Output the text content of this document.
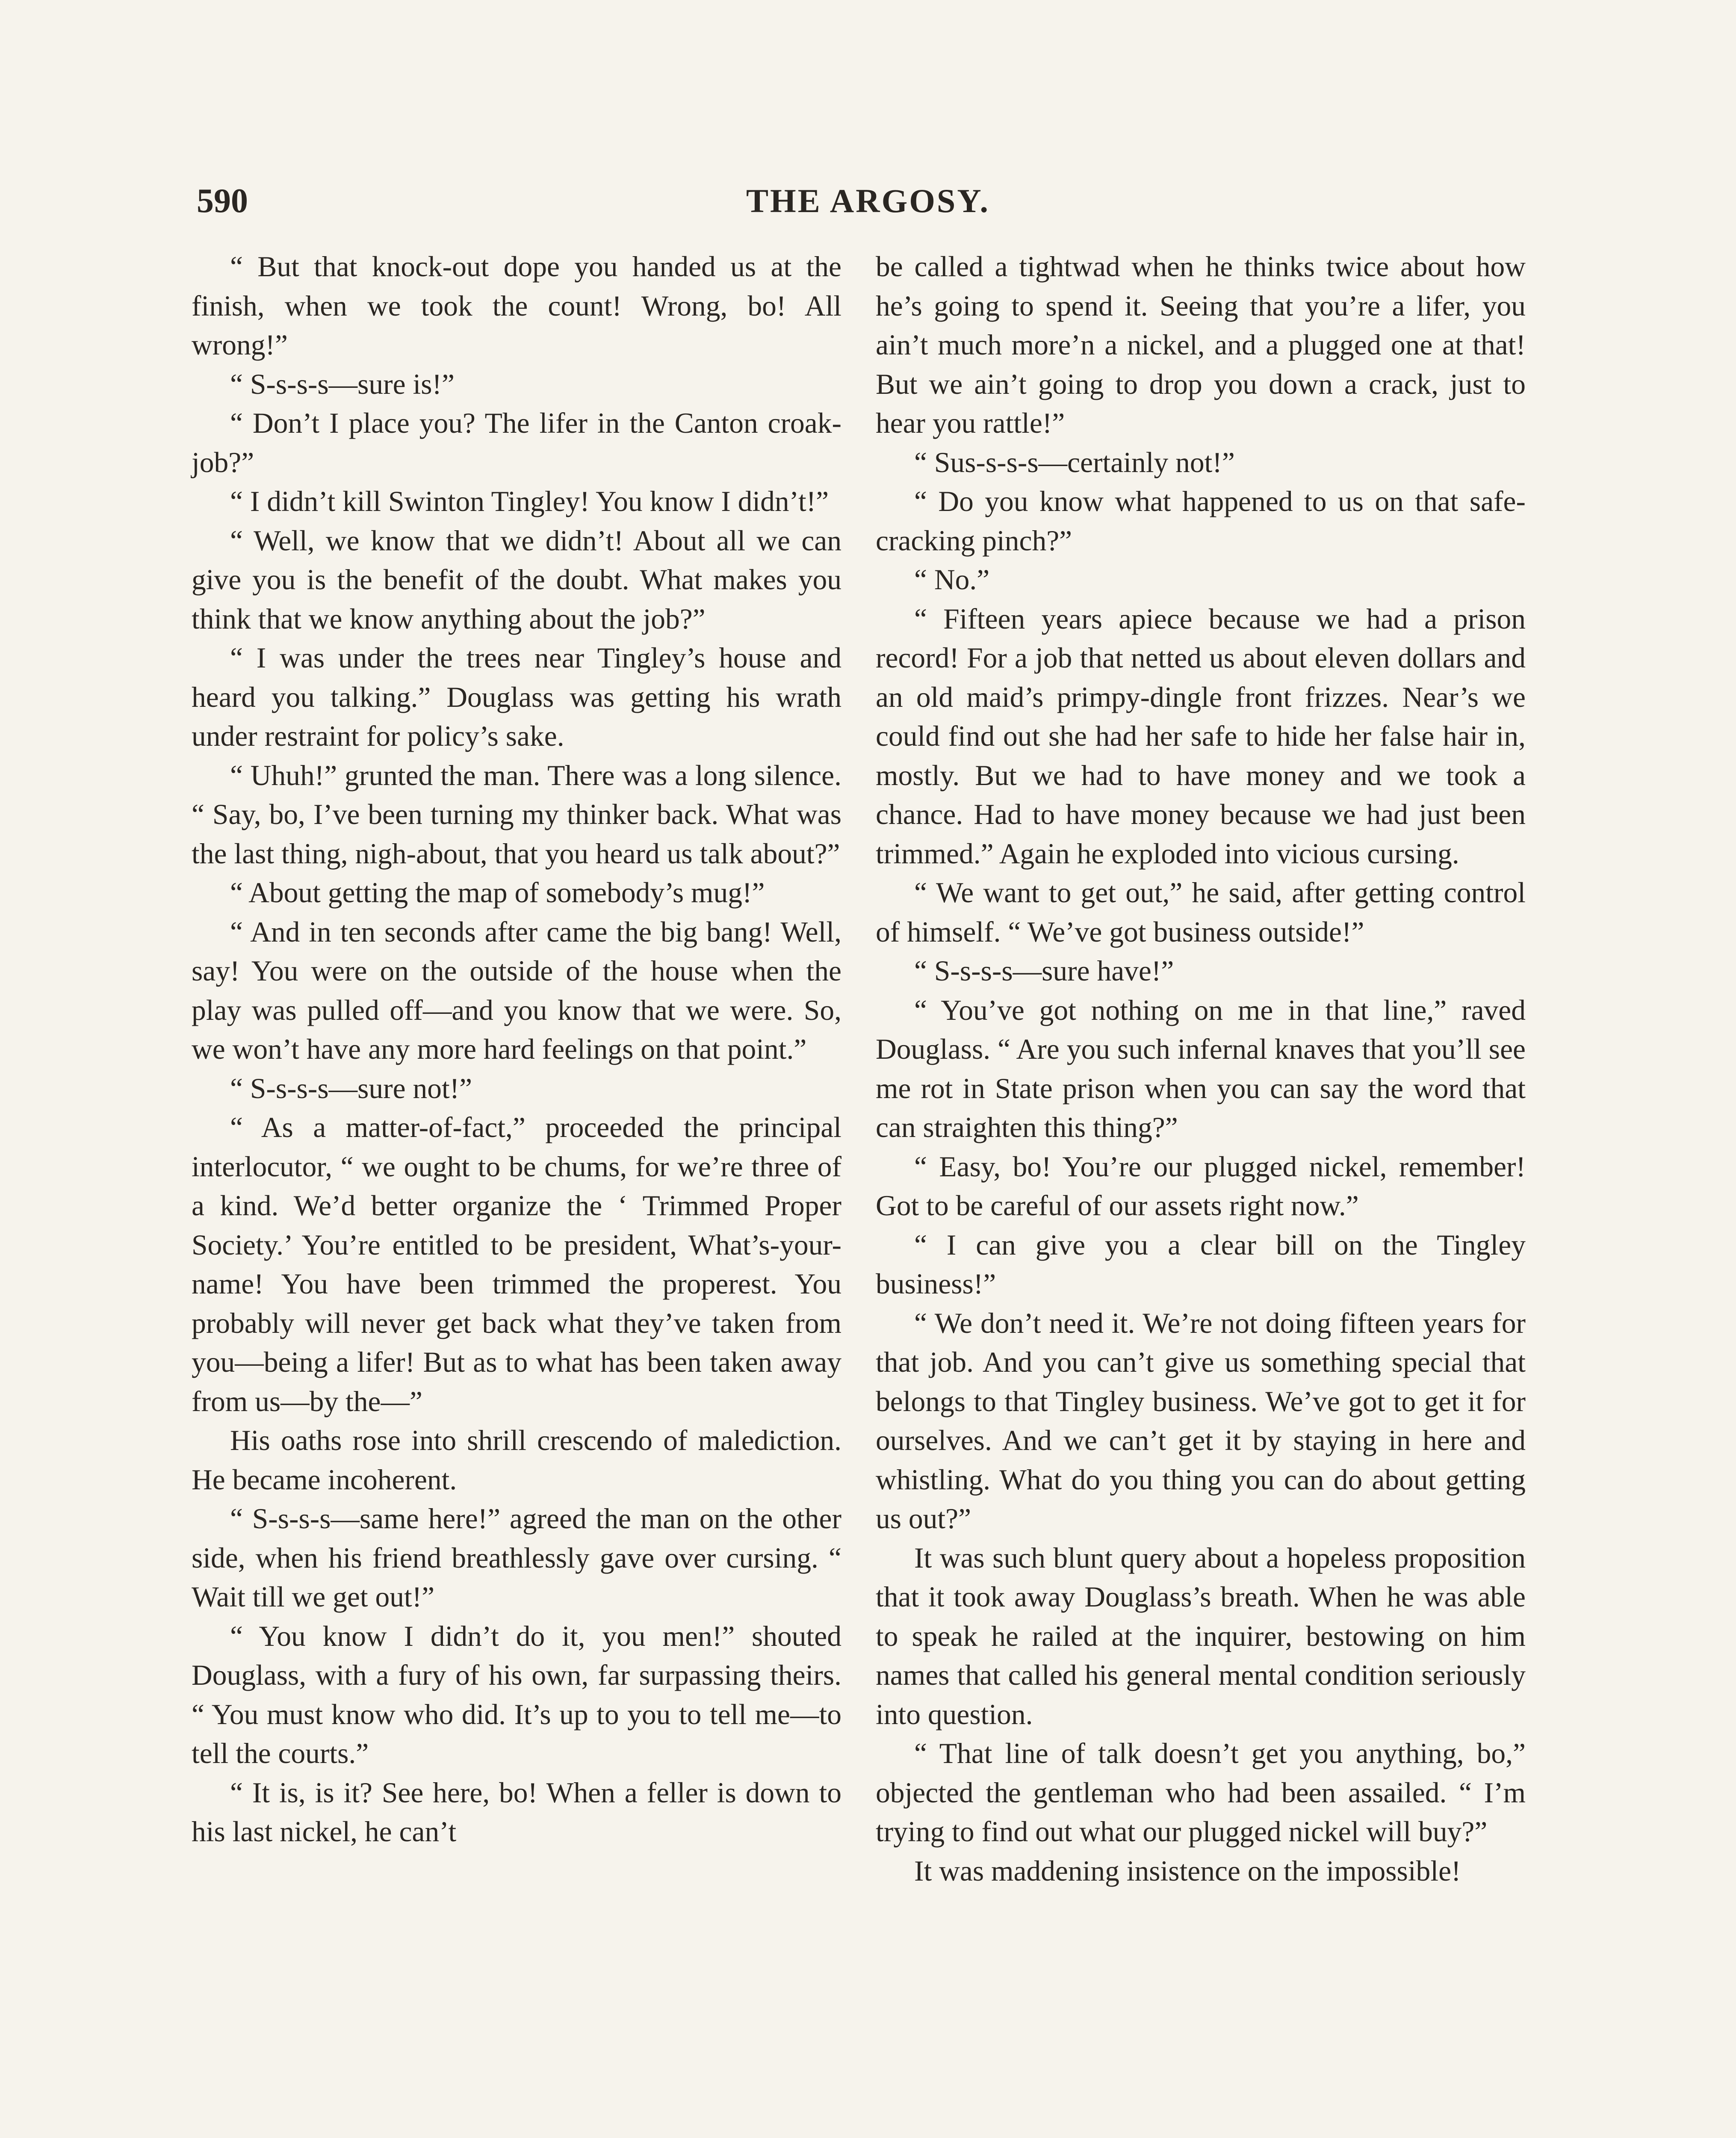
590	THE ARGOSY.

“ But that knock-out dope you handed us at the finish, when we took the count! Wrong, bo! All wrong!”

“ S-s-s-s—sure is!”

“ Don’t I place you? The lifer in the Canton croak-job?”

“ I didn’t kill Swinton Tingley! You know I didn’t!”

“ Well, we know that we didn’t! About all we can give you is the benefit of the doubt. What makes you think that we know anything about the job?”

“ I was under the trees near Tingley’s house and heard you talking.” Douglass was getting his wrath under restraint for policy’s sake.

“ Uhuh!” grunted the man. There was a long silence. “ Say, bo, I’ve been turning my thinker back. What was the last thing, nigh-about, that you heard us talk about?”

“ About getting the map of somebody’s mug!”

“ And in ten seconds after came the big bang! Well, say! You were on the outside of the house when the play was pulled off—and you know that we were. So, we won’t have any more hard feelings on that point.”

“ S-s-s-s—sure not!”

“ As a matter-of-fact,” proceeded the principal interlocutor, “ we ought to be chums, for we’re three of a kind. We’d better organize the ‘ Trimmed Proper Society.’ You’re entitled to be president, What’s-your-name! You have been trimmed the properest. You probably will never get back what they’ve taken from you—being a lifer! But as to what has been taken away from us—by the—”

His oaths rose into shrill crescendo of malediction. He became incoherent.

“ S-s-s-s—same here!” agreed the man on the other side, when his friend breathlessly gave over cursing. “ Wait till we get out!”

“ You know I didn’t do it, you men!” shouted Douglass, with a fury of his own, far surpassing theirs. “ You must know who did. It’s up to you to tell me—to tell the courts.”

“ It is, is it? See here, bo! When a feller is down to his last nickel, he can’t

be called a tightwad when he thinks twice about how he’s going to spend it. Seeing that you’re a lifer, you ain’t much more’n a nickel, and a plugged one at that! But we ain’t going to drop you down a crack, just to hear you rattle!”

“ Sus-s-s-s—certainly not!”

“ Do you know what happened to us on that safe-cracking pinch?”

“ No.”

“ Fifteen years apiece because we had a prison record! For a job that netted us about eleven dollars and an old maid’s primpy-dingle front frizzes. Near’s we could find out she had her safe to hide her false hair in, mostly. But we had to have money and we took a chance. Had to have money because we had just been trimmed.” Again he exploded into vicious cursing.

“ We want to get out,” he said, after getting control of himself. “ We’ve got business outside!”

“ S-s-s-s—sure have!”

“ You’ve got nothing on me in that line,” raved Douglass. “ Are you such infernal knaves that you’ll see me rot in State prison when you can say the word that can straighten this thing?”

“ Easy, bo! You’re our plugged nickel, remember! Got to be careful of our assets right now.”

“ I can give you a clear bill on the Tingley business!”

“ We don’t need it. We’re not doing fifteen years for that job. And you can’t give us something special that belongs to that Tingley business. We’ve got to get it for ourselves. And we can’t get it by staying in here and whistling. What do you thing you can do about getting us out?”

It was such blunt query about a hopeless proposition that it took away Douglass’s breath. When he was able to speak he railed at the inquirer, bestowing on him names that called his general mental condition seriously into question.

“ That line of talk doesn’t get you anything, bo,” objected the gentleman who had been assailed. “ I’m trying to find out what our plugged nickel will buy?”

It was maddening insistence on the impossible!
